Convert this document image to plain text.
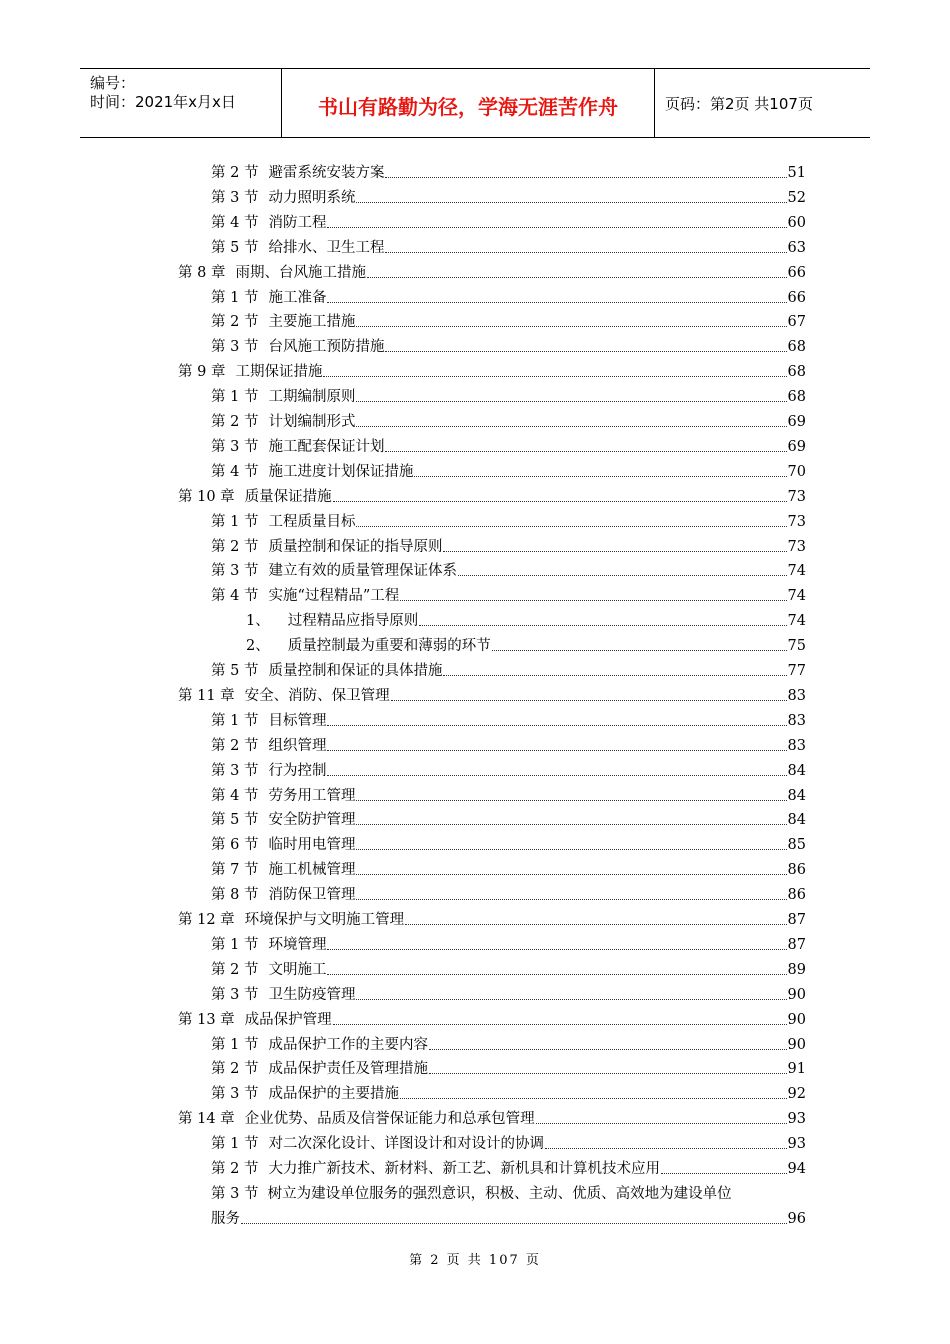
编号：
时间：2021年x月x日	书山有路勤为径，学海无涯苦作舟	页码：第2页 共107页
第 2 节 避雷系统安装方案	51
第 3 节 动力照明系统	52
第 4 节 消防工程	60
第 5 节 给排水、卫生工程	63
第 8 章 雨期、台风施工措施	66
第 1 节 施工准备	66
第 2 节 主要施工措施	67
第 3 节 台风施工预防措施	68
第 9 章 工期保证措施	68
第 1 节 工期编制原则	68
第 2 节 计划编制形式	69
第 3 节 施工配套保证计划	69
第 4 节 施工进度计划保证措施	70
第 10 章 质量保证措施	73
第 1 节 工程质量目标	73
第 2 节 质量控制和保证的指导原则	73
第 3 节 建立有效的质量管理保证体系	74
第 4 节 实施“过程精品”工程	74
1、 过程精品应指导原则	74
2、 质量控制最为重要和薄弱的环节	75
第 5 节 质量控制和保证的具体措施	77
第 11 章 安全、消防、保卫管理	83
第 1 节 目标管理	83
第 2 节 组织管理	83
第 3 节 行为控制	84
第 4 节 劳务用工管理	84
第 5 节 安全防护管理	84
第 6 节 临时用电管理	85
第 7 节 施工机械管理	86
第 8 节 消防保卫管理	86
第 12 章 环境保护与文明施工管理	87
第 1 节 环境管理	87
第 2 节 文明施工	89
第 3 节 卫生防疫管理	90
第 13 章 成品保护管理	90
第 1 节 成品保护工作的主要内容	90
第 2 节 成品保护责任及管理措施	91
第 3 节 成品保护的主要措施	92
第 14 章 企业优势、品质及信誉保证能力和总承包管理	93
第 1 节 对二次深化设计、详图设计和对设计的协调	93
第 2 节 大力推广新技术、新材料、新工艺、新机具和计算机技术应用	94
第 3 节 树立为建设单位服务的强烈意识，积极、主动、优质、高效地为建设单位
服务	96
第 2 页 共 107 页
